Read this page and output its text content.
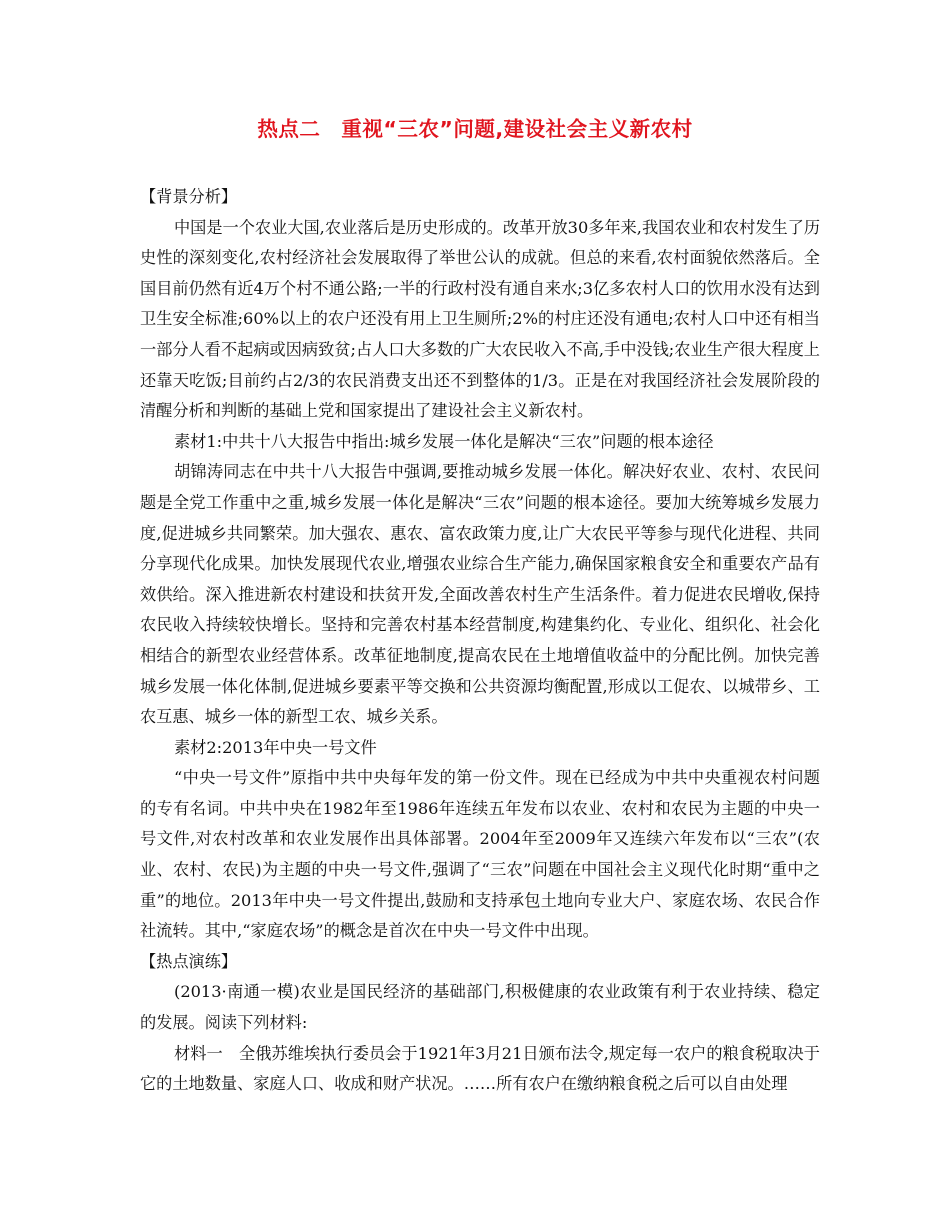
热点二　重视“三农”问题,建设社会主义新农村

【背景分析】

中国是一个农业大国,农业落后是历史形成的。改革开放30多年来,我国农业和农村发生了历史性的深刻变化,农村经济社会发展取得了举世公认的成就。但总的来看,农村面貌依然落后。全国目前仍然有近4万个村不通公路;一半的行政村没有通自来水;3亿多农村人口的饮用水没有达到卫生安全标准;60%以上的农户还没有用上卫生厕所;2%的村庄还没有通电;农村人口中还有相当一部分人看不起病或因病致贫;占人口大多数的广大农民收入不高,手中没钱;农业生产很大程度上还靠天吃饭;目前约占2/3的农民消费支出还不到整体的1/3。正是在对我国经济社会发展阶段的清醒分析和判断的基础上党和国家提出了建设社会主义新农村。

素材1:中共十八大报告中指出:城乡发展一体化是解决“三农”问题的根本途径

胡锦涛同志在中共十八大报告中强调,要推动城乡发展一体化。解决好农业、农村、农民问题是全党工作重中之重,城乡发展一体化是解决“三农”问题的根本途径。要加大统筹城乡发展力度,促进城乡共同繁荣。加大强农、惠农、富农政策力度,让广大农民平等参与现代化进程、共同分享现代化成果。加快发展现代农业,增强农业综合生产能力,确保国家粮食安全和重要农产品有效供给。深入推进新农村建设和扶贫开发,全面改善农村生产生活条件。着力促进农民增收,保持农民收入持续较快增长。坚持和完善农村基本经营制度,构建集约化、专业化、组织化、社会化相结合的新型农业经营体系。改革征地制度,提高农民在土地增值收益中的分配比例。加快完善城乡发展一体化体制,促进城乡要素平等交换和公共资源均衡配置,形成以工促农、以城带乡、工农互惠、城乡一体的新型工农、城乡关系。

素材2:2013年中央一号文件

“中央一号文件”原指中共中央每年发的第一份文件。现在已经成为中共中央重视农村问题的专有名词。中共中央在1982年至1986年连续五年发布以农业、农村和农民为主题的中央一号文件,对农村改革和农业发展作出具体部署。2004年至2009年又连续六年发布以“三农”(农业、农村、农民)为主题的中央一号文件,强调了“三农”问题在中国社会主义现代化时期“重中之重”的地位。2013年中央一号文件提出,鼓励和支持承包土地向专业大户、家庭农场、农民合作社流转。其中,“家庭农场”的概念是首次在中央一号文件中出现。

【热点演练】

(2013·南通一模)农业是国民经济的基础部门,积极健康的农业政策有利于农业持续、稳定的发展。阅读下列材料:

材料一　全俄苏维埃执行委员会于1921年3月21日颁布法令,规定每一农户的粮食税取决于它的土地数量、家庭人口、收成和财产状况。……所有农户在缴纳粮食税之后可以自由处理
